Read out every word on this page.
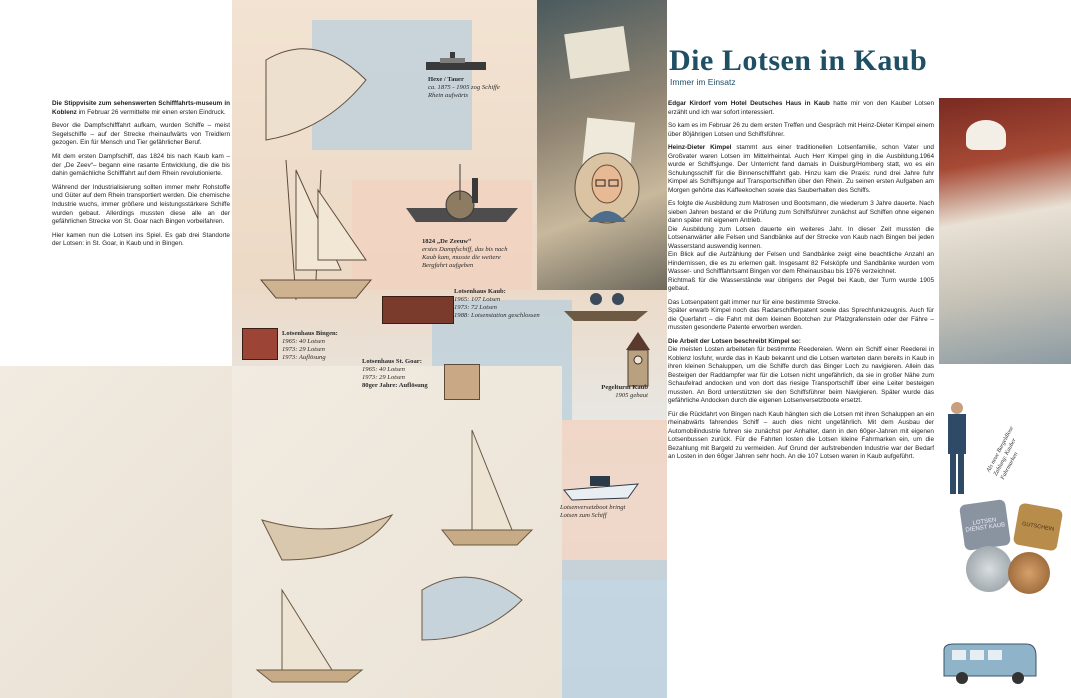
Die Stippvisite zum sehenswerten Schifffahrts-museum in Koblenz im Februar 26 vermittelte mir einen ersten Eindruck.

Bevor die Dampfschifffahrt aufkam, wurden Schiffe – meist Segelschiffe – auf der Strecke rheinaufwärts von Treidlern gezogen. Ein für Mensch und Tier gefährlicher Beruf.

Mit dem ersten Dampfschiff, das 1824 bis nach Kaub kam – der „De Zeev“– begann eine rasante Entwicklung, die die bis dahin gemächliche Schifffahrt auf dem Rhein revolutionierte.

Während der Industrialisierung sollten immer mehr Rohstoffe und Güter auf dem Rhein transportiert werden. Die chemische Industrie wuchs, immer größere und leistungsstärkere Schiffe wurden gebaut. Allerdings mussten diese alle an der gefährlichen Strecke von St. Goar nach Bingen vorbeifahren.

Hier kamen nun die Lotsen ins Spiel. Es gab drei Standorte der Lotsen: in St. Goar, in Kaub und in Bingen.

Hexe / Tauer
ca. 1875 - 1905 zog Schiffe Rhein aufwärts
1824 „De Zeeuw“
erstes Dampfschiff, das bis nach Kaub kam, musste die weitere Bergfahrt aufgeben
Lotsenhaus Kaub:
1965: 107 Lotsen
1973: 72 Lotsen
1988: Lotsenstation geschlossen
Lotsenhaus Bingen:
1965: 40 Lotsen
1973: 29 Lotsen
1973: Auflösung
Lotsenhaus St. Goar:
1965: 40 Lotsen
1973: 29 Lotsen
80ger Jahre: Auflösung	Pegelturm Kaub
1905 gebaut
Lotsenversetzboot bringt Lotsen zum Schiff
Die Lotsen in Kaub
Immer im Einsatz

Edgar Kirdorf vom Hotel Deutsches Haus in Kaub hatte mir von den Kauber Lotsen erzählt und ich war sofort interessiert.

So kam es im Februar 26 zu dem ersten Treffen und Gespräch mit Heinz-Dieter Kimpel einem über 80jährigen Lotsen und Schiffsführer.

Heinz-Dieter Kimpel stammt aus einer traditionellen Lotsenfamilie, schon Vater und Großvater waren Lotsen im Mittelrheintal. Auch Herr Kimpel ging in die Ausbildung.1964 wurde er Schiffsjunge. Der Unterricht fand damals in Duisburg/Homberg statt, wo es ein Schulungsschiff für die Binnenschifffahrt gab. Hinzu kam die Praxis: rund drei Jahre fuhr Kimpel als Schiffsjunge auf Transportschiffen über den Rhein. Zu seinen ersten Aufgaben am Morgen gehörte das Kaffeekochen sowie das Sauberhalten des Schiffs.

Es folgte die Ausbildung zum Matrosen und Bootsmann, die wiederum 3 Jahre dauerte. Nach sieben Jahren bestand er die Prüfung zum Schiffsführer zunächst auf Schiffen ohne eigenen dann später mit eigenem Antrieb.

Die Ausbildung zum Lotsen dauerte ein weiteres Jahr. In dieser Zeit mussten die Lotsenanwärter alle Felsen und Sandbänke auf der Strecke von Kaub nach Bingen bei jeden Wasserstand auswendig kennen.

Ein Blick auf die Aufzählung der Felsen und Sandbänke zeigt eine beachtliche Anzahl an Hindernissen, die es zu erlernen galt. Insgesamt 82 Felsköpfe und Sandbänke wurden vom Wasser- und Schifffahrtsamt Bingen vor dem Rheinausbau bis 1976 verzeichnet.

Richtmaß für die Wasserstände war übrigens der Pegel bei Kaub, der Turm wurde 1905 gebaut.

Das Lotsenpatent galt immer nur für eine bestimmte Strecke.

Später erwarb Kimpel noch das Radarschifferpatent sowie das Sprechfunkzeugnis. Auch für die Querfahrt – die Fahrt mit dem kleinen Bootchen zur Pfalzgrafenstein oder der Fähre – mussten gesonderte Patente erworben werden.

Die Arbeit der Lotsen beschreibt Kimpel so:

Die meisten Losten arbeiteten für bestimmte Reedereien. Wenn ein Schiff einer Reederei in Koblenz losfuhr, wurde das in Kaub bekannt und die Lotsen warteten dann bereits in Kaub in ihren kleinen Schaluppen, um die Schiffe durch das Binger Loch zu navigieren. Allein das Besteigen der Raddampfer war für die Lotsen nicht ungefährlich, da sie in großer Nähe zum Schaufelrad andocken und von dort das riesige Transportschiff über eine Leiter besteigen mussten. An Bord unterstützten sie den Schiffsführer beim Navigieren. Später wurde das gefährliche Andocken durch die eigenen Lotsenversetzboote ersetzt.

Für die Rückfahrt von Bingen nach Kaub hängten sich die Lotsen mit ihren Schaluppen an ein rheinabwärts fahrendes Schiff – auch dies nicht ungefährlich. Mit dem Ausbau der Automobilindustrie fuhren sie zunächst per Anhalter, dann in den 60ger-Jahren mit eigenen Lotsenbussen zurück. Für die Fahrten losten die Lotsen kleine Fahrmarken ein, um die Bezahlung mit Bargeld zu vermeiden. Auf Grund der aufstrebenden Industrie war der Bedarf an Losten in den 60ger Jahren sehr hoch. An die 107 Lotsen waren in Kaub aufgeführt.	Als neue Bargeldlose Zahlung: Kauber Fahrmarken
LOTSEN DIENST KAUB	GUTSCHEIN
